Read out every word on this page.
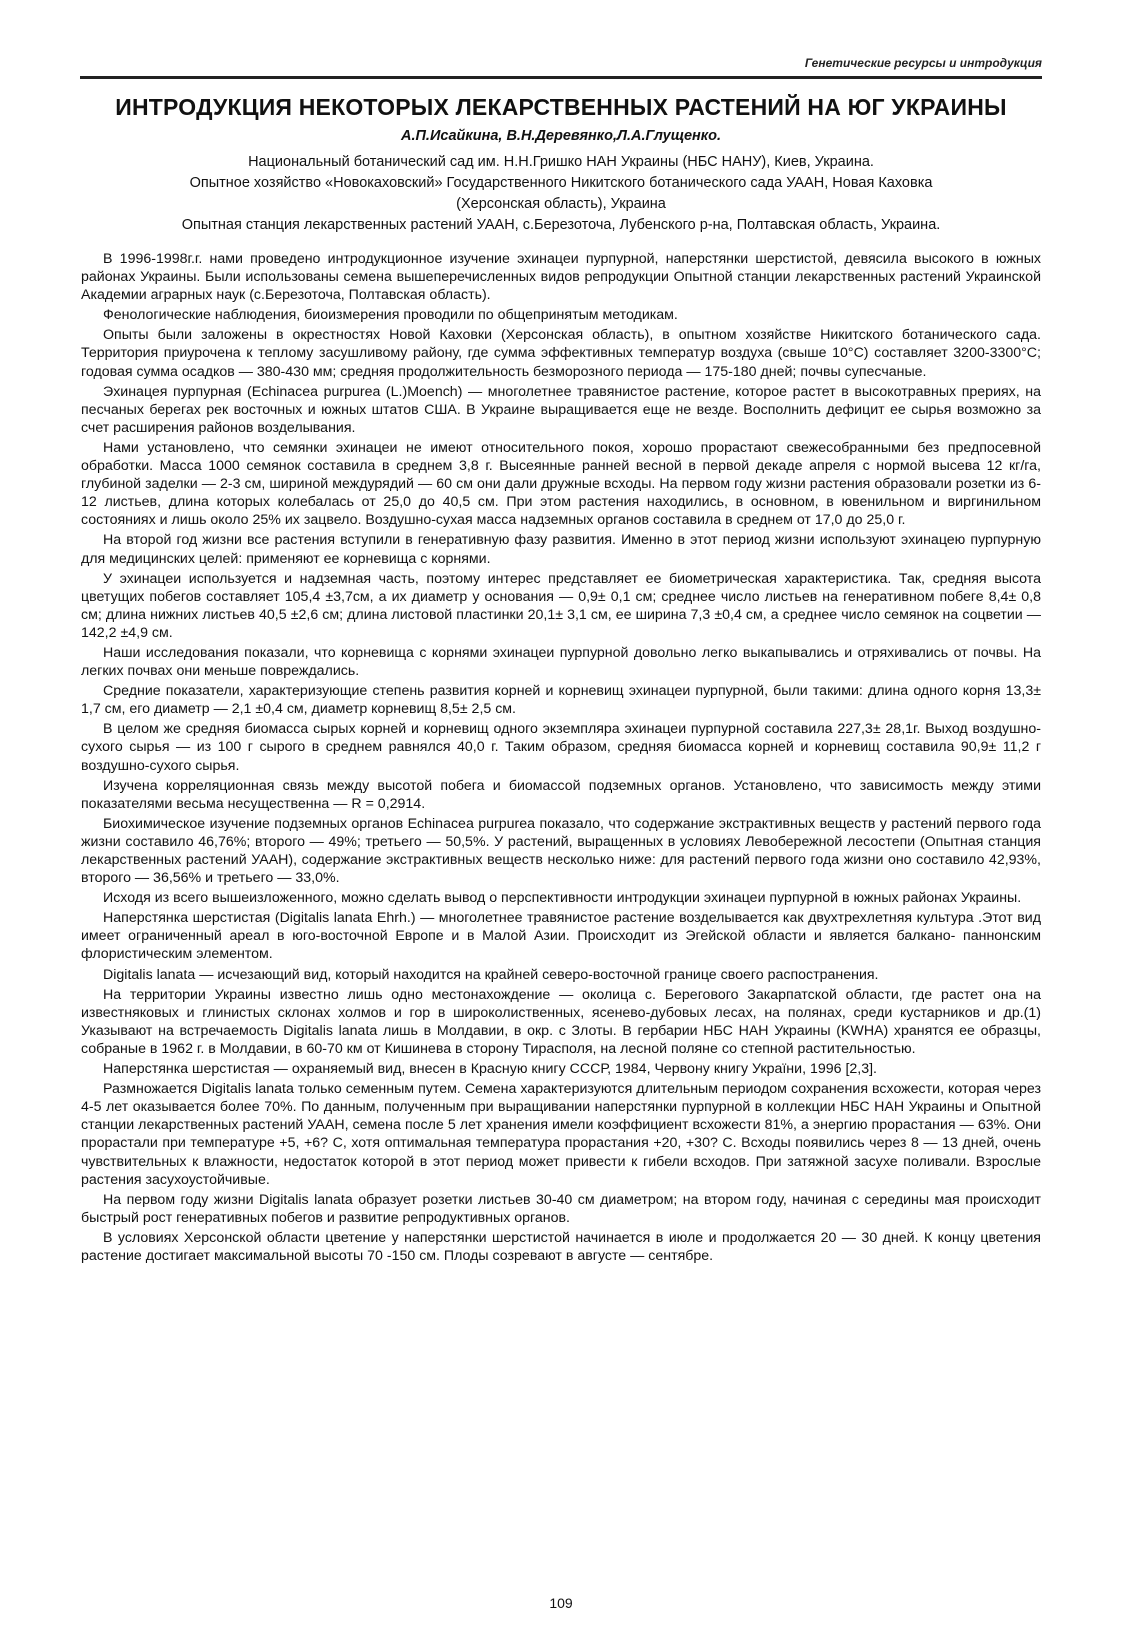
Генетические ресурсы и интродукция
ИНТРОДУКЦИЯ НЕКОТОРЫХ ЛЕКАРСТВЕННЫХ РАСТЕНИЙ НА ЮГ УКРАИНЫ
А.П.Исайкина, В.Н.Деревянко,Л.А.Глущенко.
Национальный ботанический сад им. Н.Н.Гришко НАН Украины (НБС НАНУ), Киев, Украина.
Опытное хозяйство «Новокаховский» Государственного Никитского ботанического сада УААН, Новая Каховка
(Херсонская область), Украина
Опытная станция лекарственных растений УААН, с.Березоточа, Лубенского р-на, Полтавская область, Украина.

В 1996-1998г.г. нами проведено интродукционное изучение эхинацеи пурпурной, наперстянки шерстистой, девясила высокого в южных районах Украины. Были использованы семена вышеперечисленных видов репродукции Опытной станции лекарственных растений Украинской Академии аграрных наук (с.Березоточа, Полтавская область).

Фенологические наблюдения, биоизмерения проводили по общепринятым методикам.

Опыты были заложены в окрестностях Новой Каховки (Херсонская область), в опытном хозяйстве Никитского ботанического сада. Территория приурочена к теплому засушливому району, где сумма эффективных температур воздуха (свыше 10°С) составляет 3200-3300°С; годовая сумма осадков — 380-430 мм; средняя продолжительность безморозного периода — 175-180 дней; почвы супесчаные.

Эхинацея пурпурная (Echinacea purpurea (L.)Moench) — многолетнее травянистое растение, которое растет в высокотравных прериях, на песчаных берегах рек восточных и южных штатов США. В Украине выращивается еще не везде. Восполнить дефицит ее сырья возможно за счет расширения районов возделывания.

Нами установлено, что семянки эхинацеи не имеют относительного покоя, хорошо прорастают свежесобранными без предпосевной обработки. Масса 1000 семянок составила в среднем 3,8 г. Высеянные ранней весной в первой декаде апреля с нормой высева 12 кг/га, глубиной заделки — 2-3 см, шириной междурядий — 60 см они дали дружные всходы. На первом году жизни растения образовали розетки из 6-12 листьев, длина которых колебалась от 25,0 до 40,5 см. При этом растения находились, в основном, в ювенильном и виргинильном состояниях и лишь около 25% их зацвело. Воздушно-сухая масса надземных органов составила в среднем от 17,0 до 25,0 г.

На второй год жизни все растения вступили в генеративную фазу развития. Именно в этот период жизни используют эхинацею пурпурную для медицинских целей: применяют ее корневища с корнями.

У эхинацеи используется и надземная часть, поэтому интерес представляет ее биометрическая характеристика. Так, средняя высота цветущих побегов составляет 105,4 ±3,7см, а их диаметр у основания — 0,9± 0,1 см; среднее число листьев на генеративном побеге 8,4± 0,8 см; длина нижних листьев 40,5 ±2,6 см; длина листовой пластинки 20,1± 3,1 см, ее ширина 7,3 ±0,4 см, а среднее число семянок на соцветии — 142,2 ±4,9 см.

Наши исследования показали, что корневища с корнями эхинацеи пурпурной довольно легко выкапывались и отряхивались от почвы. На легких почвах они меньше повреждались.

Средние показатели, характеризующие степень развития корней и корневищ эхинацеи пурпурной, были такими: длина одного корня 13,3± 1,7 см, его диаметр — 2,1 ±0,4 см, диаметр корневищ 8,5± 2,5 см.

В целом же средняя биомасса сырых корней и корневищ одного экземпляра эхинацеи пурпурной составила 227,3± 28,1г. Выход воздушно-сухого сырья — из 100 г сырого в среднем равнялся 40,0 г. Таким образом, средняя биомасса корней и корневищ составила 90,9± 11,2 г воздушно-сухого сырья.

Изучена корреляционная связь между высотой побега и биомассой подземных органов. Установлено, что зависимость между этими показателями весьма несущественна — R = 0,2914.

Биохимическое изучение подземных органов Echinacea purpurea показало, что содержание экстрактивных веществ у растений первого года жизни составило 46,76%; второго — 49%; третьего — 50,5%. У растений, выращенных в условиях Левобережной лесостепи (Опытная станция лекарственных растений УААН), содержание экстрактивных веществ несколько ниже: для растений первого года жизни оно составило 42,93%, второго — 36,56% и третьего — 33,0%.

Исходя из всего вышеизложенного, можно сделать вывод о перспективности интродукции эхинацеи пурпурной в южных районах Украины.

Наперстянка шерстистая (Digitalis lanata Ehrh.) — многолетнее травянистое растение возделывается как двухтрехлетняя культура .Этот вид имеет ограниченный ареал в юго-восточной Европе и в Малой Азии. Происходит из Эгейской области и является балкано- паннонским флористическим элементом.

Digitalis lanata — исчезающий вид, который находится на крайней северо-восточной границе своего распостранения.

На территории Украины известно лишь одно местонахождение — околица с. Берегового Закарпатской области, где растет она на известняковых и глинистых склонах холмов и гор в широколиственных, ясенево-дубовых лесах, на полянах, среди кустарников и др.(1) Указывают на встречаемость Digitalis lanata лишь в Молдавии, в окр. с Злоты. В гербарии НБС НАН Украины (KWHA) хранятся ее образцы, собраные в 1962 г. в Молдавии, в 60-70 км от Кишинева в сторону Тирасполя, на лесной поляне со степной растительностью.

Наперстянка шерстистая — охраняемый вид, внесен в Красную книгу СССР, 1984, Червону книгу України, 1996 [2,3].

Размножается Digitalis lanata только семенным путем. Семена характеризуются длительным периодом сохранения всхожести, которая через 4-5 лет оказывается более 70%. По данным, полученным при выращивании наперстянки пурпурной в коллекции НБС НАН Украины и Опытной станции лекарственных растений УААН, семена после 5 лет хранения имели коэффициент всхожести 81%, а энергию прорастания — 63%. Они прорастали при температуре +5, +6? С, хотя оптимальная температура прорастания +20, +30? С. Всходы появились через 8 — 13 дней, очень чувствительных к влажности, недостаток которой в этот период может привести к гибели всходов. При затяжной засухе поливали. Взрослые растения засухоустойчивые.

На первом году жизни Digitalis lanata образует розетки листьев 30-40 см диаметром; на втором году, начиная с середины мая происходит быстрый рост генеративных побегов и развитие репродуктивных органов.

В условиях Херсонской области цветение у наперстянки шерстистой начинается в июле и продолжается 20 — 30 дней. К концу цветения растение достигает максимальной высоты 70 -150 см. Плоды созревают в августе — сентябре.

109
